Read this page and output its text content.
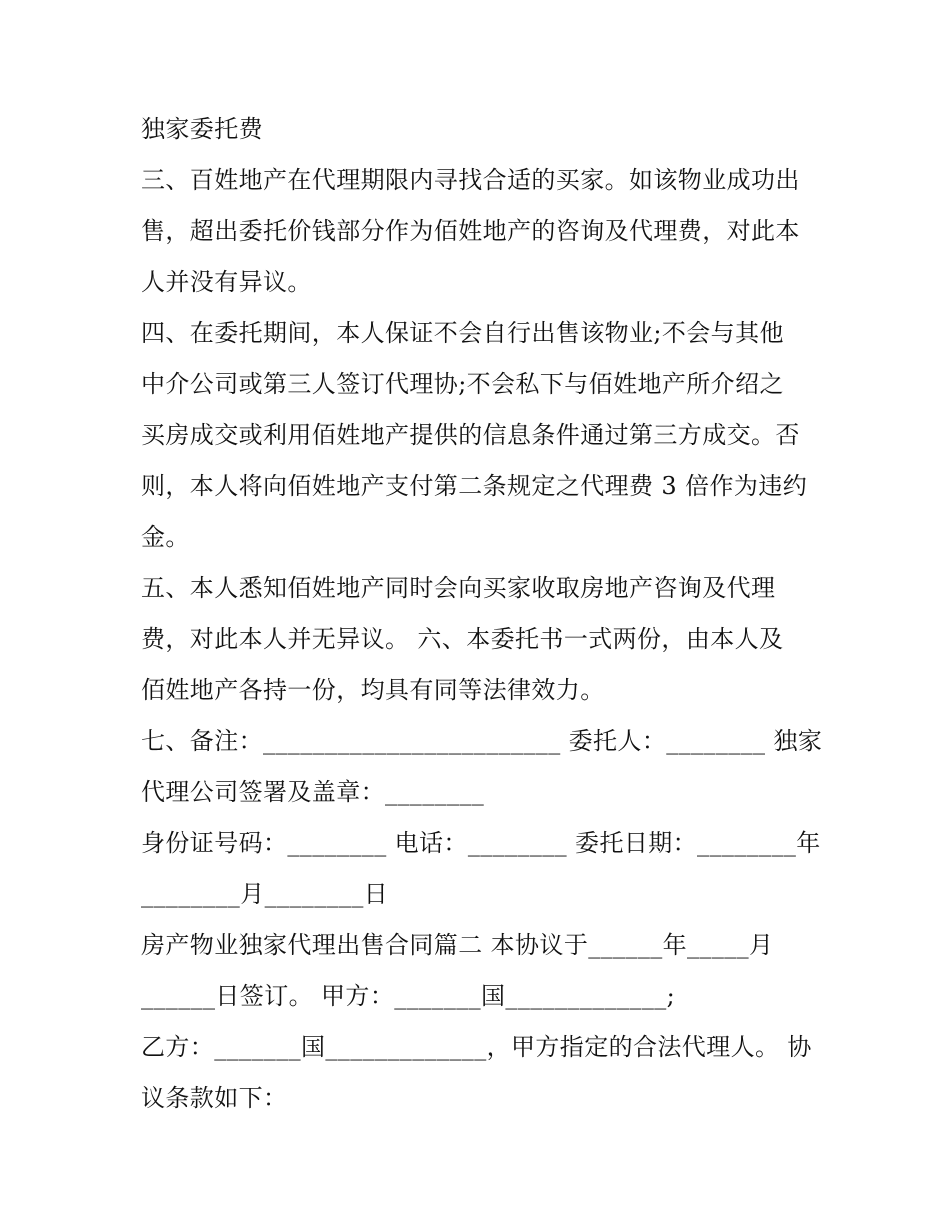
独家委托费
三、百姓地产在代理期限内寻找合适的买家。如该物业成功出
售，超出委托价钱部分作为佰姓地产的咨询及代理费，对此本
人并没有异议。
四、在委托期间，本人保证不会自行出售该物业;不会与其他
中介公司或第三人签订代理协;不会私下与佰姓地产所介绍之
买房成交或利用佰姓地产提供的信息条件通过第三方成交。否
则，本人将向佰姓地产支付第二条规定之代理费 3 倍作为违约
金。
五、本人悉知佰姓地产同时会向买家收取房地产咨询及代理
费，对此本人并无异议。 六、本委托书一式两份，由本人及
佰姓地产各持一份，均具有同等法律效力。
七、备注：________________________ 委托人：________ 独家
代理公司签署及盖章：________
身份证号码：________ 电话：________ 委托日期：________年
________月________日
房产物业独家代理出售合同篇二 本协议于______年_____月
______日签订。 甲方：_______国_____________;
乙方：_______国_____________，甲方指定的合法代理人。 协
议条款如下：
